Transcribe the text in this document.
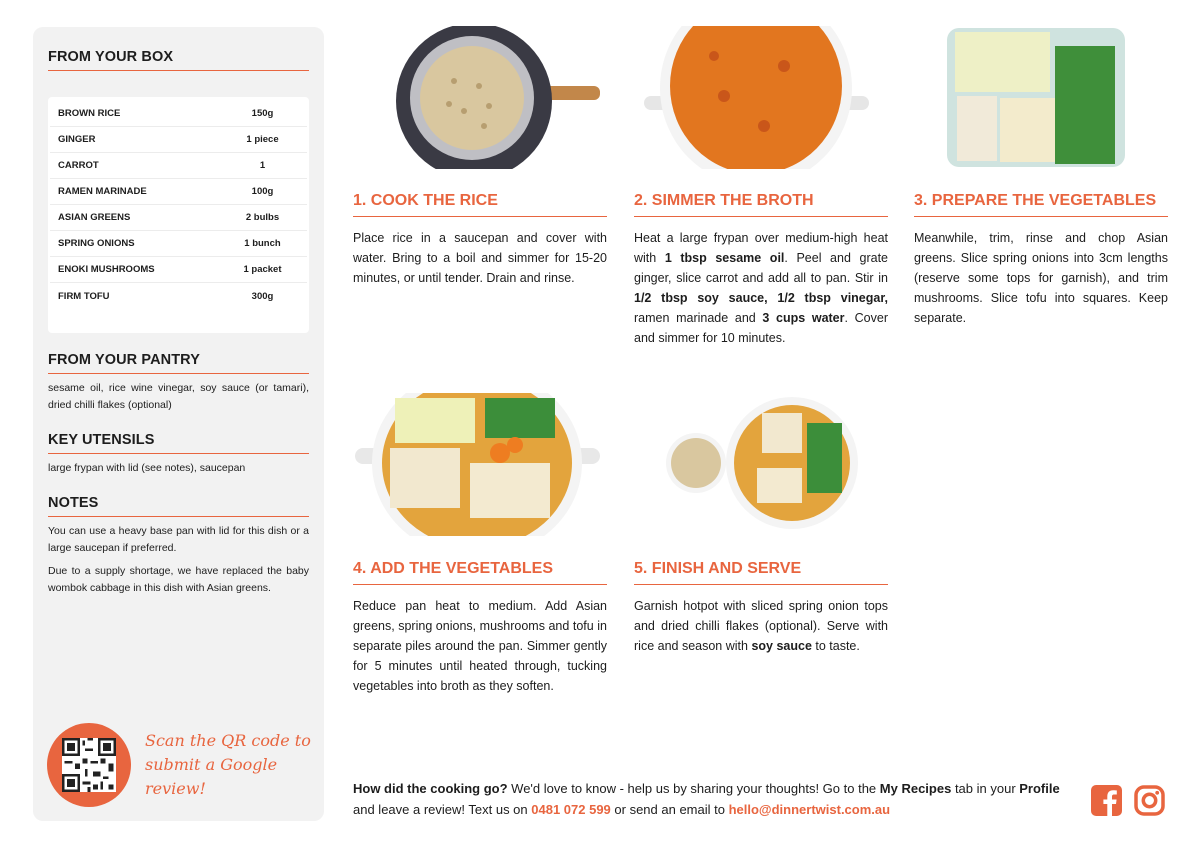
FROM YOUR BOX
BROWN RICE	150g
GINGER	1 piece
CARROT	1
RAMEN MARINADE	100g
ASIAN GREENS	2 bulbs
SPRING ONIONS	1 bunch
ENOKI MUSHROOMS	1 packet
FIRM TOFU	300g
FROM YOUR PANTRY
sesame oil, rice wine vinegar, soy sauce (or tamari), dried chilli flakes (optional)
KEY UTENSILS
large frypan with lid (see notes), saucepan
NOTES
You can use a heavy base pan with lid for this dish or a large saucepan if preferred.
Due to a supply shortage, we have replaced the baby wombok cabbage in this dish with Asian greens.
Scan the QR code to
submit a Google review!
1. COOK THE RICE
Place rice in a saucepan and cover with water. Bring to a boil and simmer for 15-20 minutes, or until tender. Drain and rinse.
2. SIMMER THE BROTH
Heat a large frypan over medium-high heat with 1 tbsp sesame oil. Peel and grate ginger, slice carrot and add all to pan. Stir in 1/2 tbsp soy sauce, 1/2 tbsp vinegar, ramen marinade and 3 cups water. Cover and simmer for 10 minutes.
3. PREPARE THE VEGETABLES
Meanwhile, trim, rinse and chop Asian greens. Slice spring onions into 3cm lengths (reserve some tops for garnish), and trim mushrooms. Slice tofu into squares. Keep separate.
4. ADD THE VEGETABLES
Reduce pan heat to medium. Add Asian greens, spring onions, mushrooms and tofu in separate piles around the pan. Simmer gently for 5 minutes until heated through, tucking vegetables into broth as they soften.
5. FINISH AND SERVE
Garnish hotpot with sliced spring onion tops and dried chilli flakes (optional). Serve with rice and season with soy sauce to taste.
How did the cooking go? We'd love to know - help us by sharing your thoughts! Go to the My Recipes tab in your Profile and leave a review! Text us on 0481 072 599 or send an email to hello@dinnertwist.com.au
